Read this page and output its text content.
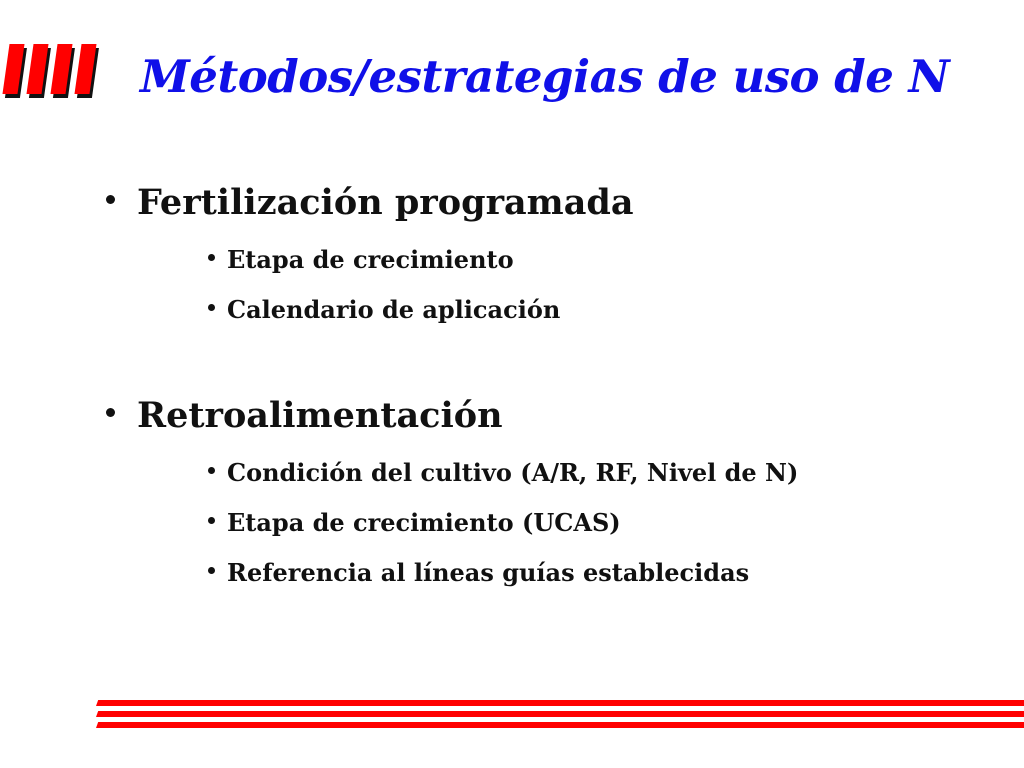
Métodos/estrategias de uso de N
Fertilización programada
Etapa de crecimiento
Calendario de aplicación
Retroalimentación
Condición del cultivo (A/R, RF, Nivel de N)
Etapa de crecimiento (UCAS)
Referencia al líneas guías establecidas
